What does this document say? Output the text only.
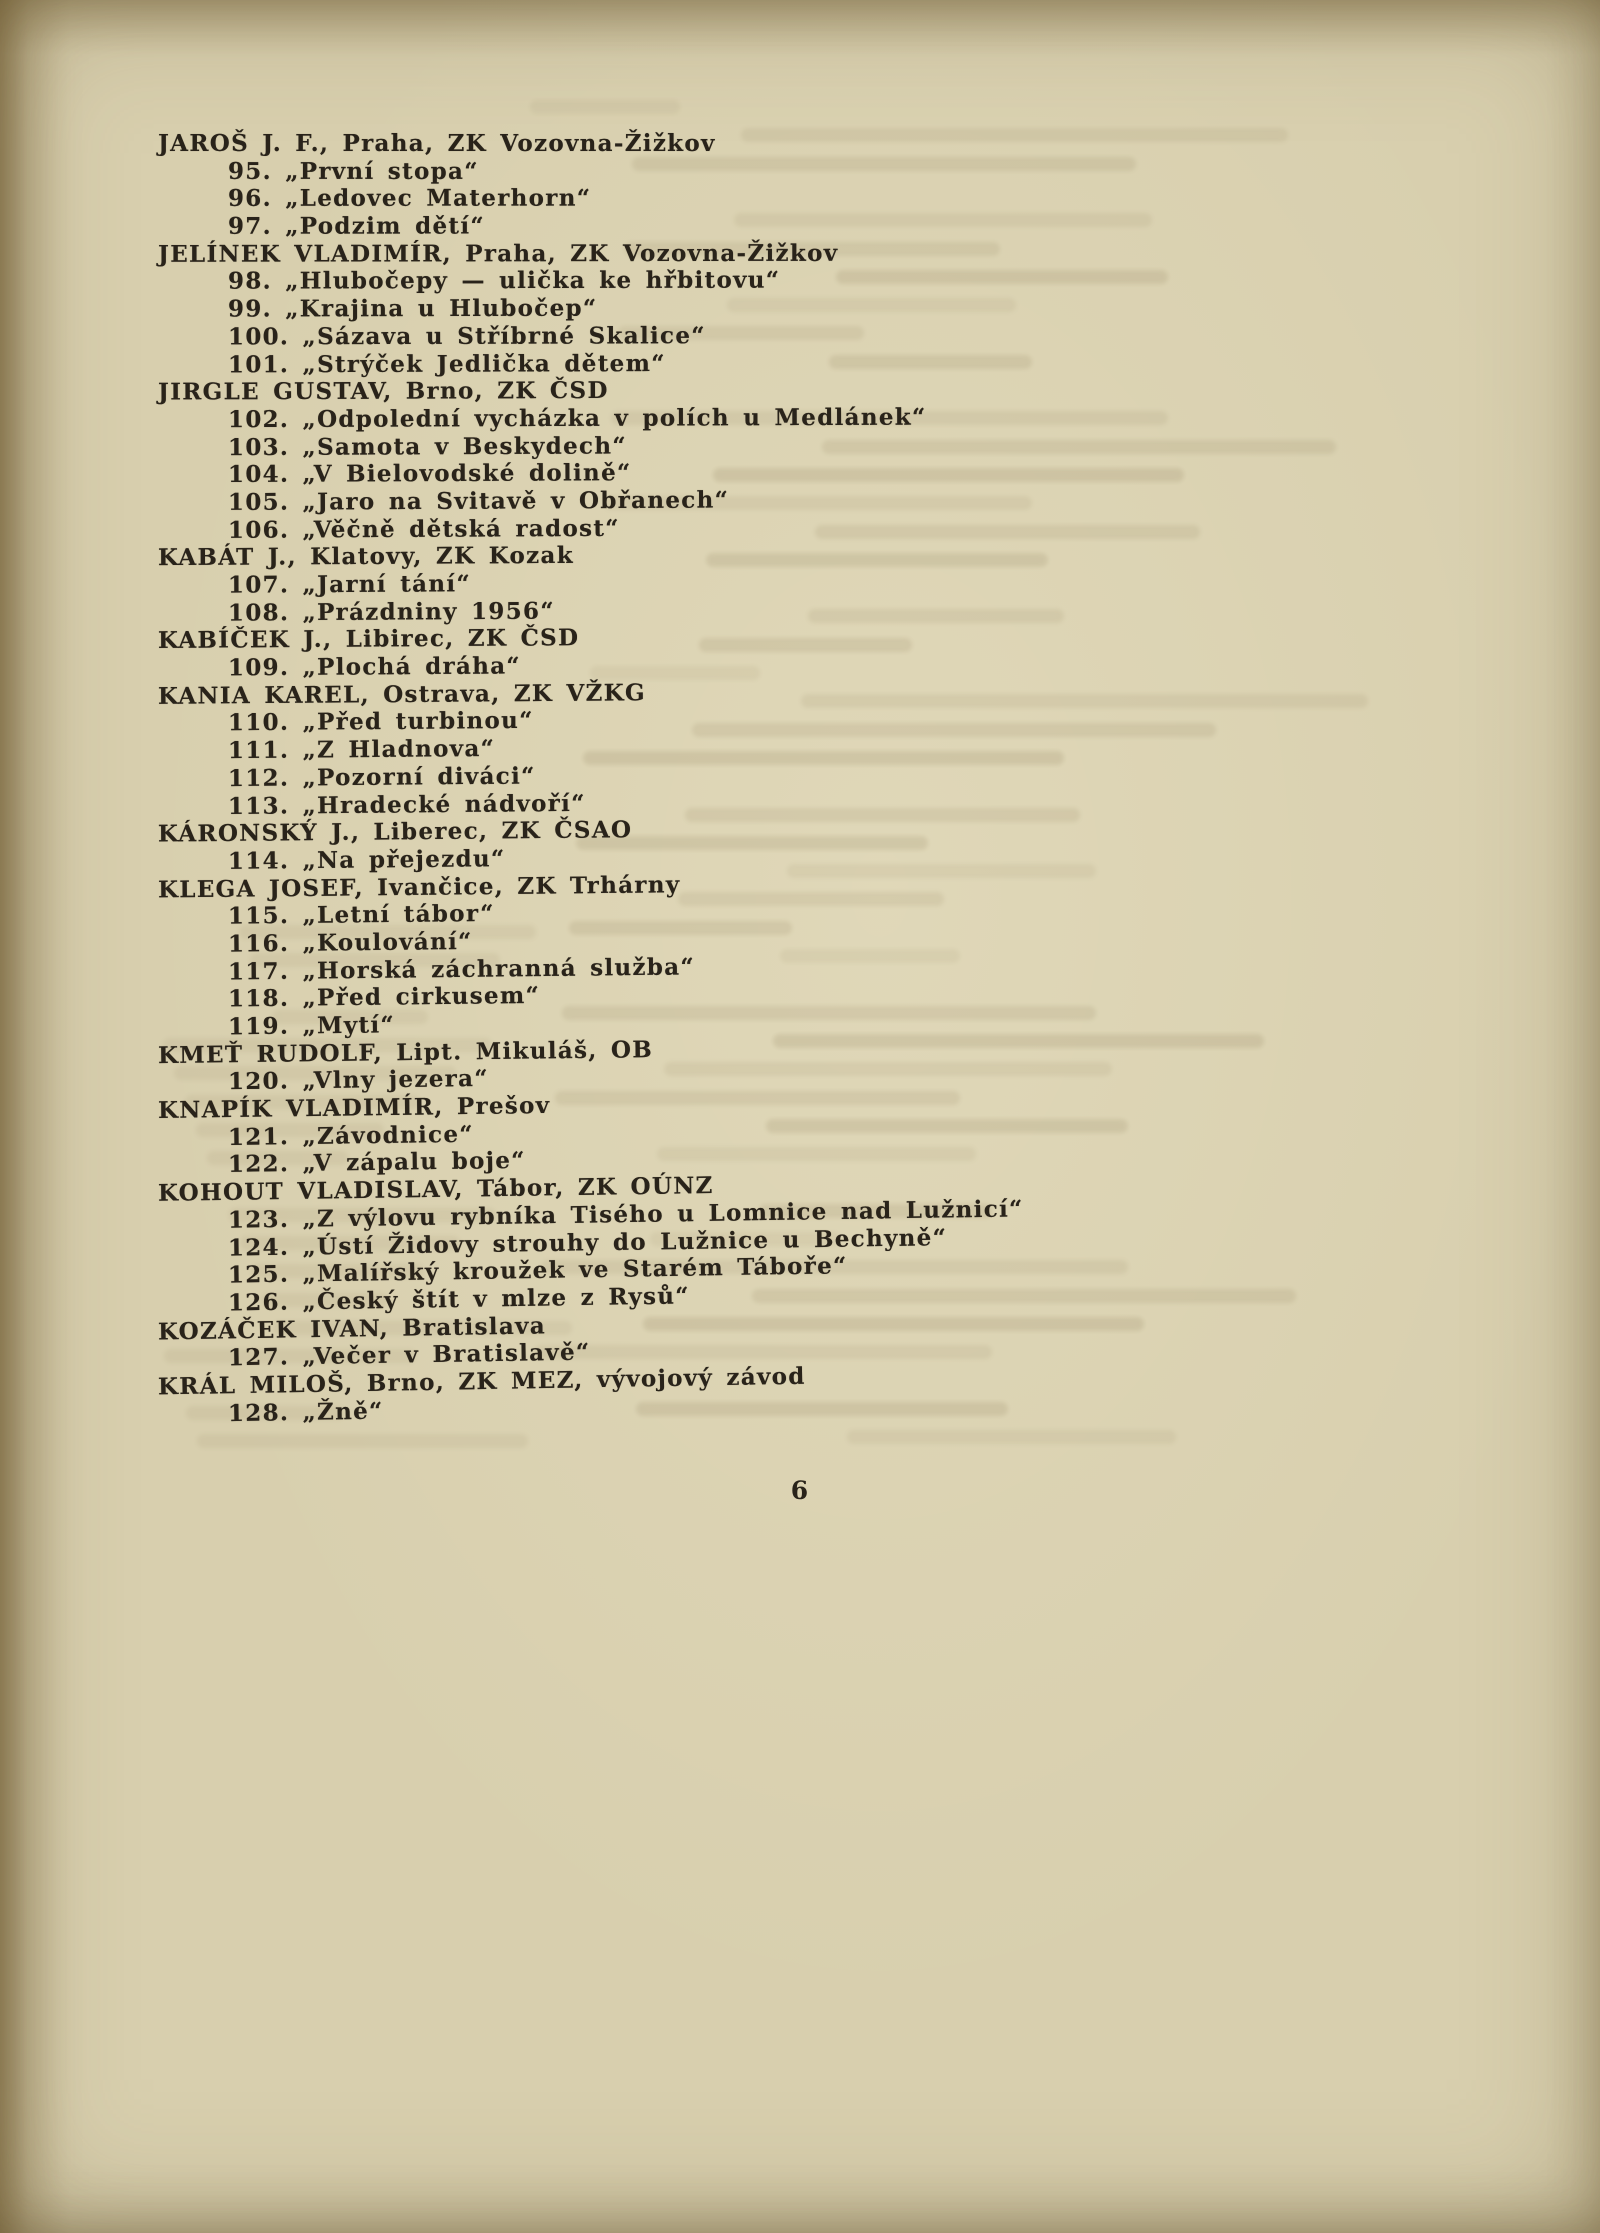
JAROŠ J. F., Praha, ZK Vozovna-Žižkov
95. „První stopa“
96. „Ledovec Materhorn“
97. „Podzim dětí“
JELÍNEK VLADIMÍR, Praha, ZK Vozovna-Žižkov
98. „Hlubočepy — ulička ke hřbitovu“
99. „Krajina u Hlubočep“
100. „Sázava u Stříbrné Skalice“
101. „Strýček Jedlička dětem“
JIRGLE GUSTAV, Brno, ZK ČSD
102. „Odpolední vycházka v polích u Medlánek“
103. „Samota v Beskydech“
104. „V Bielovodské dolině“
105. „Jaro na Svitavě v Obřanech“
106. „Věčně dětská radost“
KABÁT J., Klatovy, ZK Kozak
107. „Jarní tání“
108. „Prázdniny 1956“
KABÍČEK J., Libirec, ZK ČSD
109. „Plochá dráha“
KANIA KAREL, Ostrava, ZK VŽKG
110. „Před turbinou“
111. „Z Hladnova“
112. „Pozorní diváci“
113. „Hradecké nádvoří“
KÁRONSKÝ J., Liberec, ZK ČSAO
114. „Na přejezdu“
KLEGA JOSEF, Ivančice, ZK Trhárny
115. „Letní tábor“
116. „Koulování“
117. „Horská záchranná služba“
118. „Před cirkusem“
119. „Mytí“
KMEŤ RUDOLF, Lipt. Mikuláš, OB
120. „Vlny jezera“
KNAPÍK VLADIMÍR, Prešov
121. „Závodnice“
122. „V zápalu boje“
KOHOUT VLADISLAV, Tábor, ZK OÚNZ
123. „Z výlovu rybníka Tisého u Lomnice nad Lužnicí“
124. „Ústí Židovy strouhy do Lužnice u Bechyně“
125. „Malířský kroužek ve Starém Táboře“
126. „Český štít v mlze z Rysů“
KOZÁČEK IVAN, Bratislava
127. „Večer v Bratislavě“
KRÁL MILOŠ, Brno, ZK MEZ, vývojový závod
128. „Žně“
6
